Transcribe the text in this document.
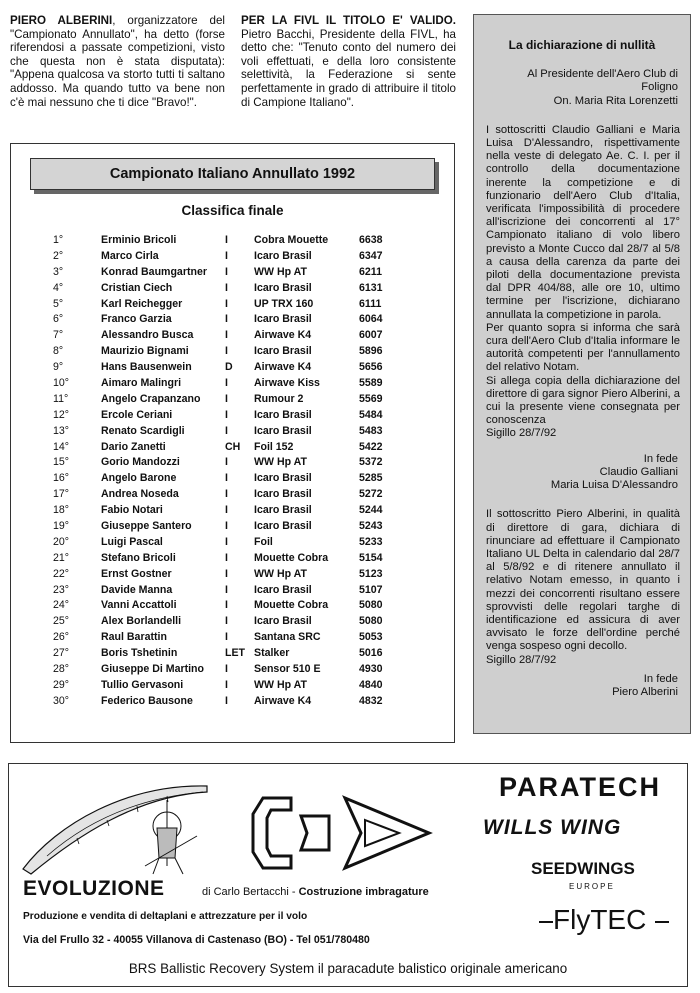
PIERO ALBERINI, organizzatore del "Campionato Annullato", ha detto (forse riferendosi a passate competizioni, visto che questa non è stata disputata): "Appena qualcosa va storto tutti ti saltano addosso. Ma quando tutto va bene non c'è mai nessuno che ti dice "Bravo!".
PER LA FIVL IL TITOLO E' VALIDO. Pietro Bacchi, Presidente della FIVL, ha detto che: "Tenuto conto del numero dei voli effettuati, e della loro consistente selettività, la Federazione si sente perfettamente in grado di attribuire il titolo di Campione Italiano".
La dichiarazione di nullità
Al Presidente dell'Aero Club di
Foligno
On. Maria Rita Lorenzetti

I sottoscritti Claudio Galliani e Maria Luisa D'Alessandro, rispettivamente nella veste di delegato Ae. C. I. per il controllo della documentazione inerente la competizione e di funzionario dell'Aero Club d'Italia, verificata l'impossibilità di procedere all'iscrizione dei concorrenti al 17° Campionato italiano di volo libero previsto a Monte Cucco dal 28/7 al 5/8 a causa della carenza da parte dei piloti della documentazione prevista dal DPR 404/88, alle ore 10, ultimo termine per l'iscrizione, dichiarano annullata la competizione in parola.

Per quanto sopra si informa che sarà cura dell'Aero Club d'Italia informare le autorità competenti per l'annullamento del relativo Notam.

Si allega copia della dichiarazione del direttore di gara signor Piero Alberini, a cui la presente viene consegnata per conoscenza

Sigillo 28/7/92

In fede
Claudio Galliani
Maria Luisa D'Alessandro

Il sottoscritto Piero Alberini, in qualità di direttore di gara, dichiara di rinunciare ad effettuare il Campionato Italiano UL Delta in calendario dal 28/7 al 5/8/92 e di ritenere annullato il relativo Notam emesso, in quanto i mezzi dei concorrenti risultano essere sprovvisti delle regolari targhe di identificazione ed assicura di aver avvisato le forze dell'ordine perché venga sospeso ogni decollo.

Sigillo 28/7/92

In fede
Piero Alberini
Campionato Italiano Annullato 1992
Classifica finale
1°	Erminio Bricoli	I Cobra Mouette	6638
2°	Marco Cirla	I Icaro Brasil	6347
3°	Konrad Baumgartner I WW Hp AT	6211
4°	Cristian Ciech	I Icaro Brasil	6131
5°	Karl Reichegger	I UP TRX 160	6111
6°	Franco Garzia	I Icaro Brasil	6064
7°	Alessandro Busca	I Airwave K4	6007
8°	Maurizio Bignami	I Icaro Brasil	5896
9°	Hans Bausenwein	D Airwave K4	5656
10°	Aimaro Malingri	I Airwave Kiss	5589
11°	Angelo Crapanzano I Rumour 2	5569
12°	Ercole Ceriani	I Icaro Brasil	5484
13°	Renato Scardigli	I Icaro Brasil	5483
14°	Dario Zanetti	CH Foil 152	5422
15°	Gorio Mandozzi	I WW Hp AT	5372
16°	Angelo Barone	I Icaro Brasil	5285
17°	Andrea Noseda	I Icaro Brasil	5272
18°	Fabio Notari	I Icaro Brasil	5244
19°	Giuseppe Santero	I Icaro Brasil	5243
20°	Luigi Pascal	I Foil	5233
21°	Stefano Bricoli	I Mouette Cobra	5154
22°	Ernst Gostner	I WW Hp AT	5123
23°	Davide Manna	I Icaro Brasil	5107
24°	Vanni Accattoli	I Mouette Cobra	5080
25°	Alex Borlandelli	I Icaro Brasil	5080
26°	Raul Barattin	I Santana SRC	5053
27°	Boris Tshetinin	LET Stalker	5016
28°	Giuseppe Di Martino I Sensor 510 E	4930
29°	Tullio Gervasoni	I WW Hp AT	4840
30°	Federico Bausone	I Airwave K4	4832
EVOLUZIONE	di Carlo Bertacchi - Costruzione imbragature
Produzione e vendita di deltaplani e attrezzature per il volo
Via del Frullo 32 - 40055 Villanova di Castenaso (BO) - Tel 051/780480
PARATECH
WILLS WING
SEEDWINGS
EUROPE
FlyTEC
BRS Ballistic Recovery System il paracadute balistico originale americano
